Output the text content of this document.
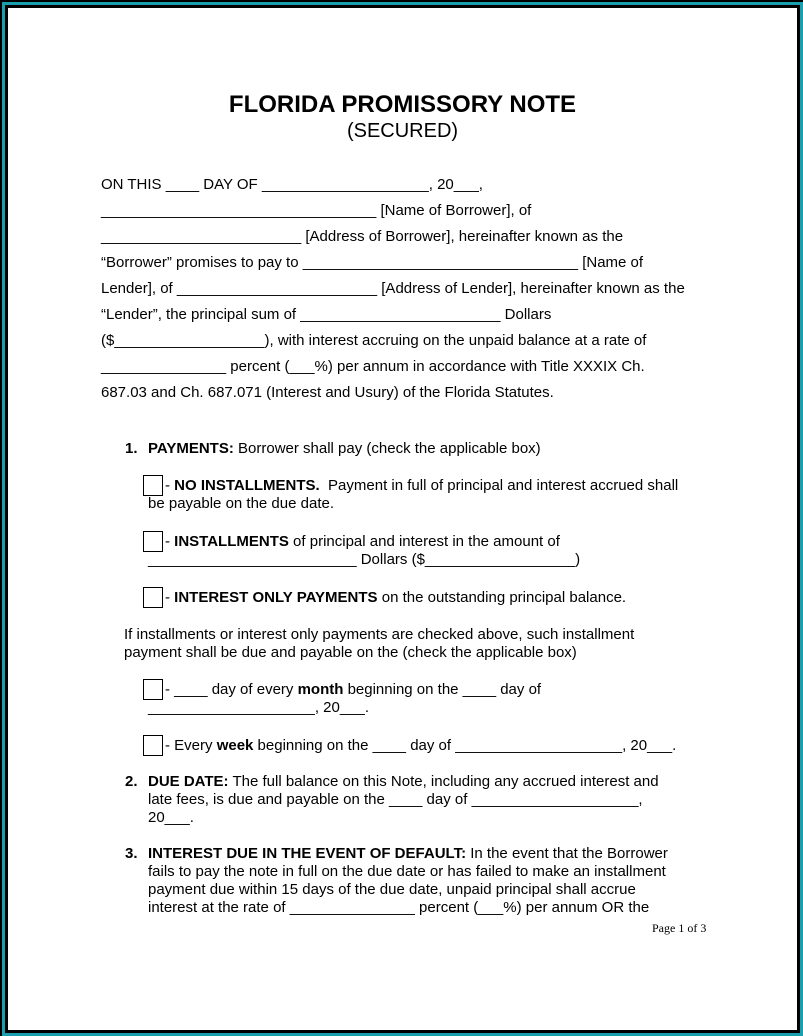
FLORIDA PROMISSORY NOTE
(SECURED)
ON THIS ____ DAY OF ____________________, 20___,
_________________________________ [Name of Borrower], of
________________________ [Address of Borrower], hereinafter known as the
“Borrower” promises to pay to _________________________________ [Name of
Lender], of ________________________ [Address of Lender], hereinafter known as the
“Lender”, the principal sum of ________________________ Dollars
($__________________), with interest accruing on the unpaid balance at a rate of
_______________ percent (___%) per annum in accordance with Title XXXIX Ch.
687.03 and Ch. 687.071 (Interest and Usury) of the Florida Statutes.
1. PAYMENTS: Borrower shall pay (check the applicable box)
- NO INSTALLMENTS.  Payment in full of principal and interest accrued shall
be payable on the due date.
- INSTALLMENTS of principal and interest in the amount of
_________________________ Dollars ($__________________)
- INTEREST ONLY PAYMENTS on the outstanding principal balance.
If installments or interest only payments are checked above, such installment
payment shall be due and payable on the (check the applicable box)
- ____ day of every month beginning on the ____ day of
____________________, 20___.
- Every week beginning on the ____ day of ____________________, 20___.
2. DUE DATE: The full balance on this Note, including any accrued interest and
late fees, is due and payable on the ____ day of ____________________,
20___.
3. INTEREST DUE IN THE EVENT OF DEFAULT: In the event that the Borrower
fails to pay the note in full on the due date or has failed to make an installment
payment due within 15 days of the due date, unpaid principal shall accrue
interest at the rate of _______________ percent (___%) per annum OR the
Page 1 of 3
